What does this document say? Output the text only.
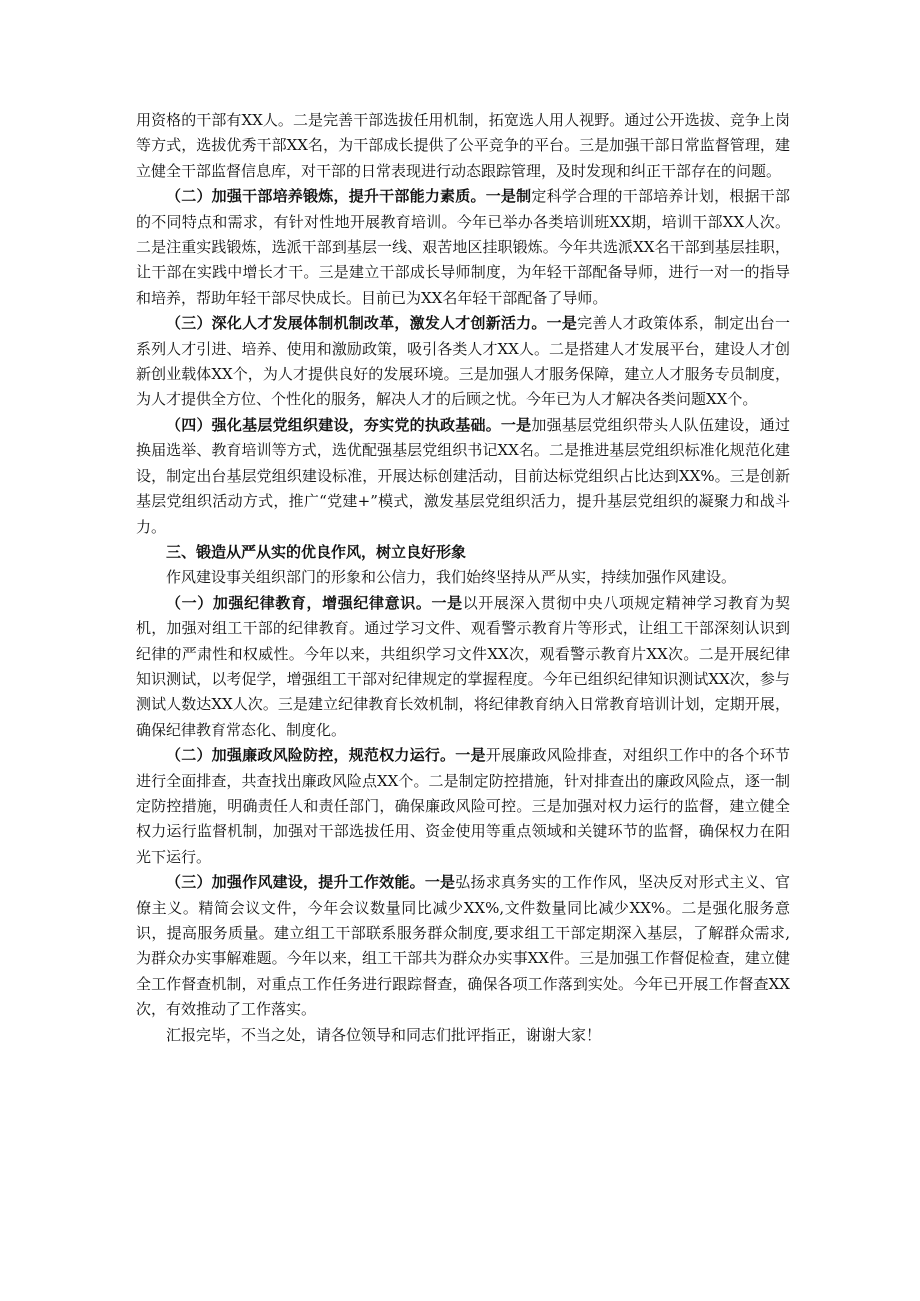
用资格的干部有XX人。二是完善干部选拔任用机制，拓宽选人用人视野。通过公开选拔、竞争上岗等方式，选拔优秀干部XX名，为干部成长提供了公平竞争的平台。三是加强干部日常监督管理，建立健全干部监督信息库，对干部的日常表现进行动态跟踪管理，及时发现和纠正干部存在的问题。

（二）加强干部培养锻炼，提升干部能力素质。一是制定科学合理的干部培养计划，根据干部的不同特点和需求，有针对性地开展教育培训。今年已举办各类培训班XX期，培训干部XX人次。二是注重实践锻炼，选派干部到基层一线、艰苦地区挂职锻炼。今年共选派XX名干部到基层挂职，让干部在实践中增长才干。三是建立干部成长导师制度，为年轻干部配备导师，进行一对一的指导和培养，帮助年轻干部尽快成长。目前已为XX名年轻干部配备了导师。

（三）深化人才发展体制机制改革，激发人才创新活力。一是完善人才政策体系，制定出台一系列人才引进、培养、使用和激励政策，吸引各类人才XX人。二是搭建人才发展平台，建设人才创新创业载体XX个，为人才提供良好的发展环境。三是加强人才服务保障，建立人才服务专员制度，为人才提供全方位、个性化的服务，解决人才的后顾之忧。今年已为人才解决各类问题XX个。

（四）强化基层党组织建设，夯实党的执政基础。一是加强基层党组织带头人队伍建设，通过换届选举、教育培训等方式，选优配强基层党组织书记XX名。二是推进基层党组织标准化规范化建设，制定出台基层党组织建设标准，开展达标创建活动，目前达标党组织占比达到XX%。三是创新基层党组织活动方式，推广“党建+”模式，激发基层党组织活力，提升基层党组织的凝聚力和战斗力。

三、锻造从严从实的优良作风，树立良好形象

作风建设事关组织部门的形象和公信力，我们始终坚持从严从实，持续加强作风建设。

（一）加强纪律教育，增强纪律意识。一是以开展深入贯彻中央八项规定精神学习教育为契机，加强对组工干部的纪律教育。通过学习文件、观看警示教育片等形式，让组工干部深刻认识到纪律的严肃性和权威性。今年以来，共组织学习文件XX次，观看警示教育片XX次。二是开展纪律知识测试，以考促学，增强组工干部对纪律规定的掌握程度。今年已组织纪律知识测试XX次，参与测试人数达XX人次。三是建立纪律教育长效机制，将纪律教育纳入日常教育培训计划，定期开展，确保纪律教育常态化、制度化。

（二）加强廉政风险防控，规范权力运行。一是开展廉政风险排查，对组织工作中的各个环节进行全面排查，共查找出廉政风险点XX个。二是制定防控措施，针对排查出的廉政风险点，逐一制定防控措施，明确责任人和责任部门，确保廉政风险可控。三是加强对权力运行的监督，建立健全权力运行监督机制，加强对干部选拔任用、资金使用等重点领域和关键环节的监督，确保权力在阳光下运行。

（三）加强作风建设，提升工作效能。一是弘扬求真务实的工作作风，坚决反对形式主义、官僚主义。精简会议文件，今年会议数量同比减少XX%,文件数量同比减少XX%。二是强化服务意识，提高服务质量。建立组工干部联系服务群众制度,要求组工干部定期深入基层，了解群众需求,为群众办实事解难题。今年以来，组工干部共为群众办实事XX件。三是加强工作督促检查，建立健全工作督查机制，对重点工作任务进行跟踪督查，确保各项工作落到实处。今年已开展工作督查XX次，有效推动了工作落实。

汇报完毕，不当之处，请各位领导和同志们批评指正，谢谢大家！
